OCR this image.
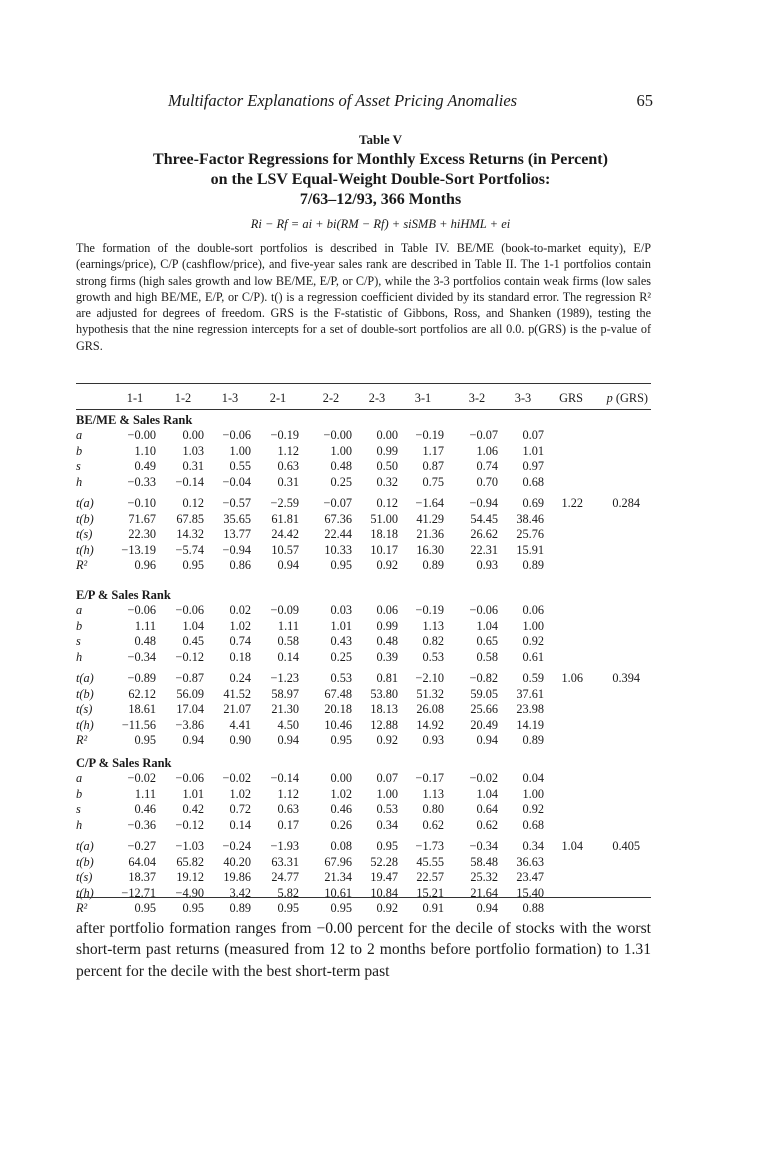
Multifactor Explanations of Asset Pricing Anomalies	65
Table V
Three-Factor Regressions for Monthly Excess Returns (in Percent)
on the LSV Equal-Weight Double-Sort Portfolios:
7/63–12/93, 366 Months
Ri − Rf = ai + bi(RM − Rf) + siSMB + hiHML + ei
The formation of the double-sort portfolios is described in Table IV. BE/ME (book-to-market equity), E/P (earnings/price), C/P (cashflow/price), and five-year sales rank are described in Table II. The 1-1 portfolios contain strong firms (high sales growth and low BE/ME, E/P, or C/P), while the 3-3 portfolios contain weak firms (low sales growth and high BE/ME, E/P, or C/P). t() is a regression coefficient divided by its standard error. The regression R² are adjusted for degrees of freedom. GRS is the F-statistic of Gibbons, Ross, and Shanken (1989), testing the hypothesis that the nine regression intercepts for a set of double-sort portfolios are all 0.0. p(GRS) is the p-value of GRS.
1-1	1-2	1-3	2-1	2-2	2-3	3-1	3-2	3-3	GRS	p (GRS)
BE/ME & Sales Rank
a	−0.00	0.00	−0.06	−0.19	−0.00	0.00	−0.19	−0.07	0.07
b	1.10	1.03	1.00	1.12	1.00	0.99	1.17	1.06	1.01
s	0.49	0.31	0.55	0.63	0.48	0.50	0.87	0.74	0.97
h	−0.33	−0.14	−0.04	0.31	0.25	0.32	0.75	0.70	0.68
t(a)	−0.10	0.12	−0.57	−2.59	−0.07	0.12	−1.64	−0.94	0.69	1.22	0.284
t(b)	71.67	67.85	35.65	61.81	67.36	51.00	41.29	54.45	38.46
t(s)	22.30	14.32	13.77	24.42	22.44	18.18	21.36	26.62	25.76
t(h)	−13.19	−5.74	−0.94	10.57	10.33	10.17	16.30	22.31	15.91
R²	0.96	0.95	0.86	0.94	0.95	0.92	0.89	0.93	0.89
E/P & Sales Rank
a	−0.06	−0.06	0.02	−0.09	0.03	0.06	−0.19	−0.06	0.06
b	1.11	1.04	1.02	1.11	1.01	0.99	1.13	1.04	1.00
s	0.48	0.45	0.74	0.58	0.43	0.48	0.82	0.65	0.92
h	−0.34	−0.12	0.18	0.14	0.25	0.39	0.53	0.58	0.61
t(a)	−0.89	−0.87	0.24	−1.23	0.53	0.81	−2.10	−0.82	0.59	1.06	0.394
t(b)	62.12	56.09	41.52	58.97	67.48	53.80	51.32	59.05	37.61
t(s)	18.61	17.04	21.07	21.30	20.18	18.13	26.08	25.66	23.98
t(h)	−11.56	−3.86	4.41	4.50	10.46	12.88	14.92	20.49	14.19
R²	0.95	0.94	0.90	0.94	0.95	0.92	0.93	0.94	0.89
C/P & Sales Rank
a	−0.02	−0.06	−0.02	−0.14	0.00	0.07	−0.17	−0.02	0.04
b	1.11	1.01	1.02	1.12	1.02	1.00	1.13	1.04	1.00
s	0.46	0.42	0.72	0.63	0.46	0.53	0.80	0.64	0.92
h	−0.36	−0.12	0.14	0.17	0.26	0.34	0.62	0.62	0.68
t(a)	−0.27	−1.03	−0.24	−1.93	0.08	0.95	−1.73	−0.34	0.34	1.04	0.405
t(b)	64.04	65.82	40.20	63.31	67.96	52.28	45.55	58.48	36.63
t(s)	18.37	19.12	19.86	24.77	21.34	19.47	22.57	25.32	23.47
t(h)	−12.71	−4.90	3.42	5.82	10.61	10.84	15.21	21.64	15.40
R²	0.95	0.95	0.89	0.95	0.95	0.92	0.91	0.94	0.88
after portfolio formation ranges from −0.00 percent for the decile of stocks with the worst short-term past returns (measured from 12 to 2 months before portfolio formation) to 1.31 percent for the decile with the best short-term past
